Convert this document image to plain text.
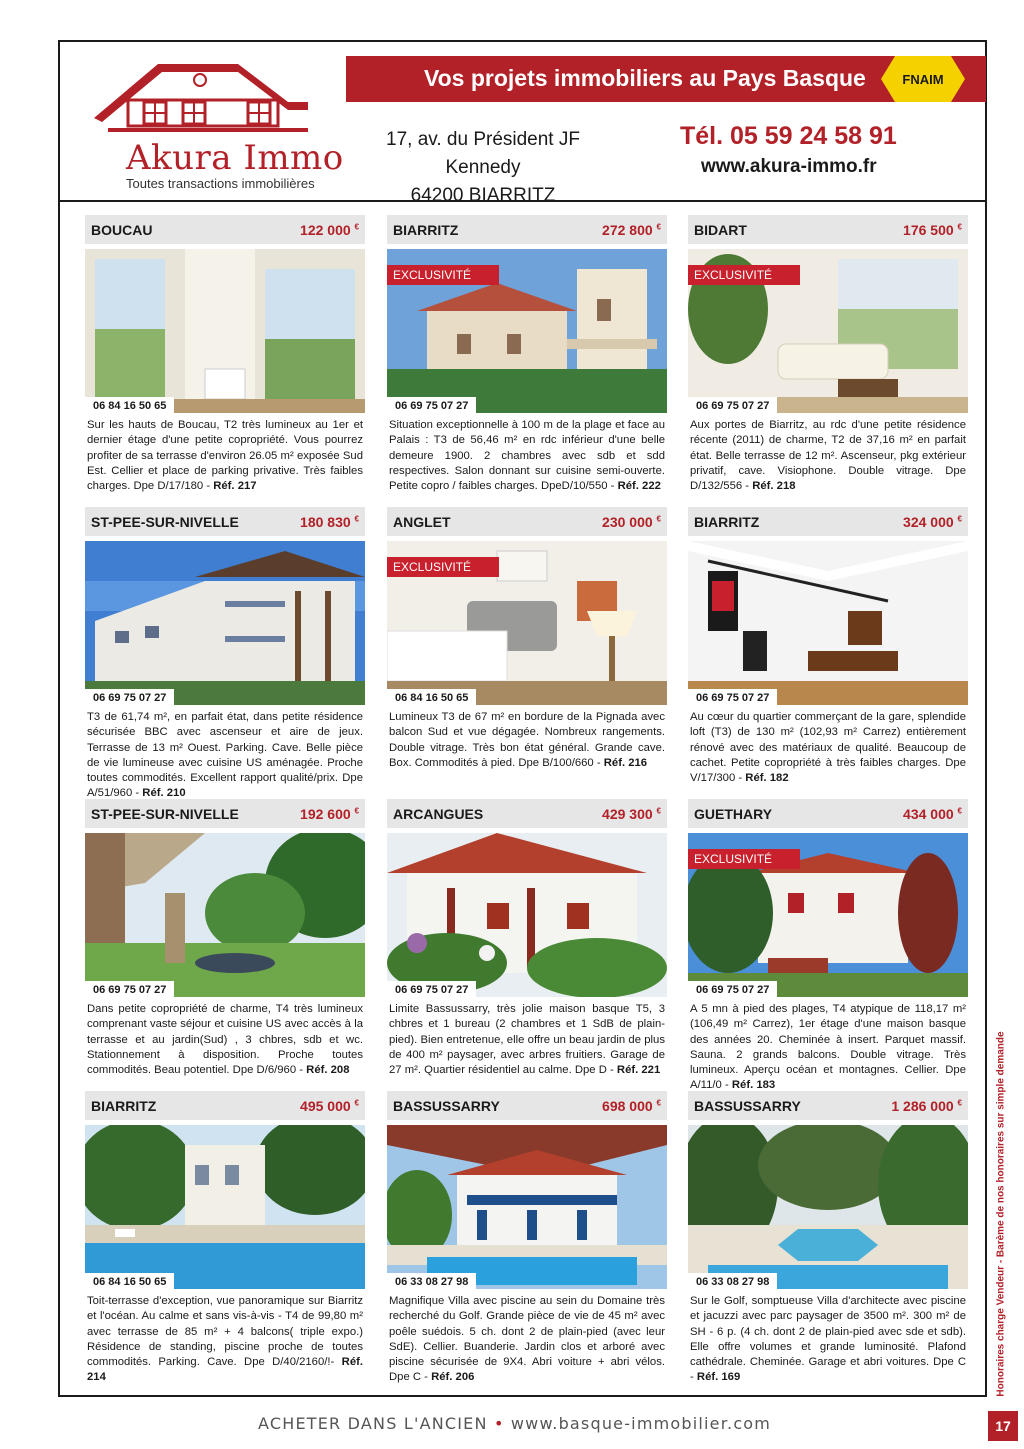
Akura Immo
Toutes transactions immobilières
Vos projets immobiliers au Pays Basque	FNAIM
17, av. du Président JF Kennedy
64200 BIARRITZ
Tél. 05 59 24 58 91
www.akura-immo.fr
BOUCAU	122 000 €
06 84 16 50 65
Sur les hauts de Boucau, T2 très lumineux au 1er et dernier étage d'une petite copropriété. Vous pourrez profiter de sa terrasse d'environ 26.05 m² exposée Sud Est. Cellier et place de parking privative. Très faibles charges. Dpe D/17/180 - Réf. 217
BIARRITZ	272 800 €
EXCLUSIVITÉ
06 69 75 07 27
Situation exceptionnelle à 100 m de la plage et face au Palais : T3 de 56,46 m² en rdc inférieur d'une belle demeure 1900. 2 chambres avec sdb et sdd respectives. Salon donnant sur cuisine semi-ouverte. Petite copro / faibles charges. DpeD/10/550 - Réf. 222
BIDART	176 500 €
EXCLUSIVITÉ
06 69 75 07 27
Aux portes de Biarritz, au rdc d'une petite résidence récente (2011) de charme, T2 de 37,16 m² en parfait état. Belle terrasse de 12 m². Ascenseur, pkg extérieur privatif, cave. Visiophone. Double vitrage. Dpe D/132/556 - Réf. 218
ST-PEE-SUR-NIVELLE	180 830 €
06 69 75 07 27
T3 de 61,74 m², en parfait état, dans petite résidence sécurisée BBC avec ascenseur et aire de jeux. Terrasse de 13 m² Ouest. Parking. Cave. Belle pièce de vie lumineuse avec cuisine US aménagée. Proche toutes commodités. Excellent rapport qualité/prix. Dpe A/51/960 - Réf. 210
ANGLET	230 000 €
EXCLUSIVITÉ
06 84 16 50 65
Lumineux T3 de 67 m² en bordure de la Pignada avec balcon Sud et vue dégagée. Nombreux rangements. Double vitrage. Très bon état général. Grande cave. Box. Commodités à pied. Dpe B/100/660 - Réf. 216
BIARRITZ	324 000 €
06 69 75 07 27
Au cœur du quartier commerçant de la gare, splendide loft (T3) de 130 m² (102,93 m² Carrez) entièrement rénové avec des matériaux de qualité. Beaucoup de cachet. Petite copropriété à très faibles charges. Dpe V/17/300 - Réf. 182
ST-PEE-SUR-NIVELLE	192 600 €
06 69 75 07 27
Dans petite copropriété de charme, T4 très lumineux comprenant vaste séjour et cuisine US avec accès à la terrasse et au jardin(Sud) , 3 chbres, sdb et wc. Stationnement à disposition. Proche toutes commodités. Beau potentiel. Dpe D/6/960 - Réf. 208
ARCANGUES	429 300 €
06 69 75 07 27
Limite Bassussarry, très jolie maison basque T5, 3 chbres et 1 bureau (2 chambres et 1 SdB de plain-pied). Bien entretenue, elle offre un beau jardin de plus de 400 m² paysager, avec arbres fruitiers. Garage de 27 m². Quartier résidentiel au calme. Dpe D - Réf. 221
GUETHARY	434 000 €
EXCLUSIVITÉ
06 69 75 07 27
A 5 mn à pied des plages, T4 atypique de 118,17 m² (106,49 m² Carrez), 1er étage d'une maison basque des années 20. Cheminée à insert. Parquet massif. Sauna. 2 grands balcons. Double vitrage. Très lumineux. Aperçu océan et montagnes. Cellier. Dpe A/11/0 - Réf. 183
BIARRITZ	495 000 €
06 84 16 50 65
Toit-terrasse d'exception, vue panoramique sur Biarritz et l'océan. Au calme et sans vis-à-vis - T4 de 99,80 m² avec terrasse de 85 m² + 4 balcons( triple expo.) Résidence de standing, piscine proche de toutes commodités. Parking. Cave. Dpe D/40/2160/!- Réf. 214
BASSUSSARRY	698 000 €
06 33 08 27 98
Magnifique Villa avec piscine au sein du Domaine très recherché du Golf. Grande pièce de vie de 45 m² avec poêle suédois. 5 ch. dont 2 de plain-pied (avec leur SdE). Cellier. Buanderie. Jardin clos et arboré avec piscine sécurisée de 9X4. Abri voiture + abri vélos. Dpe C - Réf. 206
BASSUSSARRY	1 286 000 €
06 33 08 27 98
Sur le Golf, somptueuse Villa d'architecte avec piscine et jacuzzi avec parc paysager de 3500 m². 300 m² de SH - 6 p. (4 ch. dont 2 de plain-pied avec sde et sdb). Elle offre volumes et grande luminosité. Plafond cathédrale. Cheminée. Garage et abri voitures. Dpe C - Réf. 169	Honoraires charge Vendeur - Barème de nos honoraires sur simple demande
ACHETER DANS L'ANCIEN • www.basque-immobilier.com	17
